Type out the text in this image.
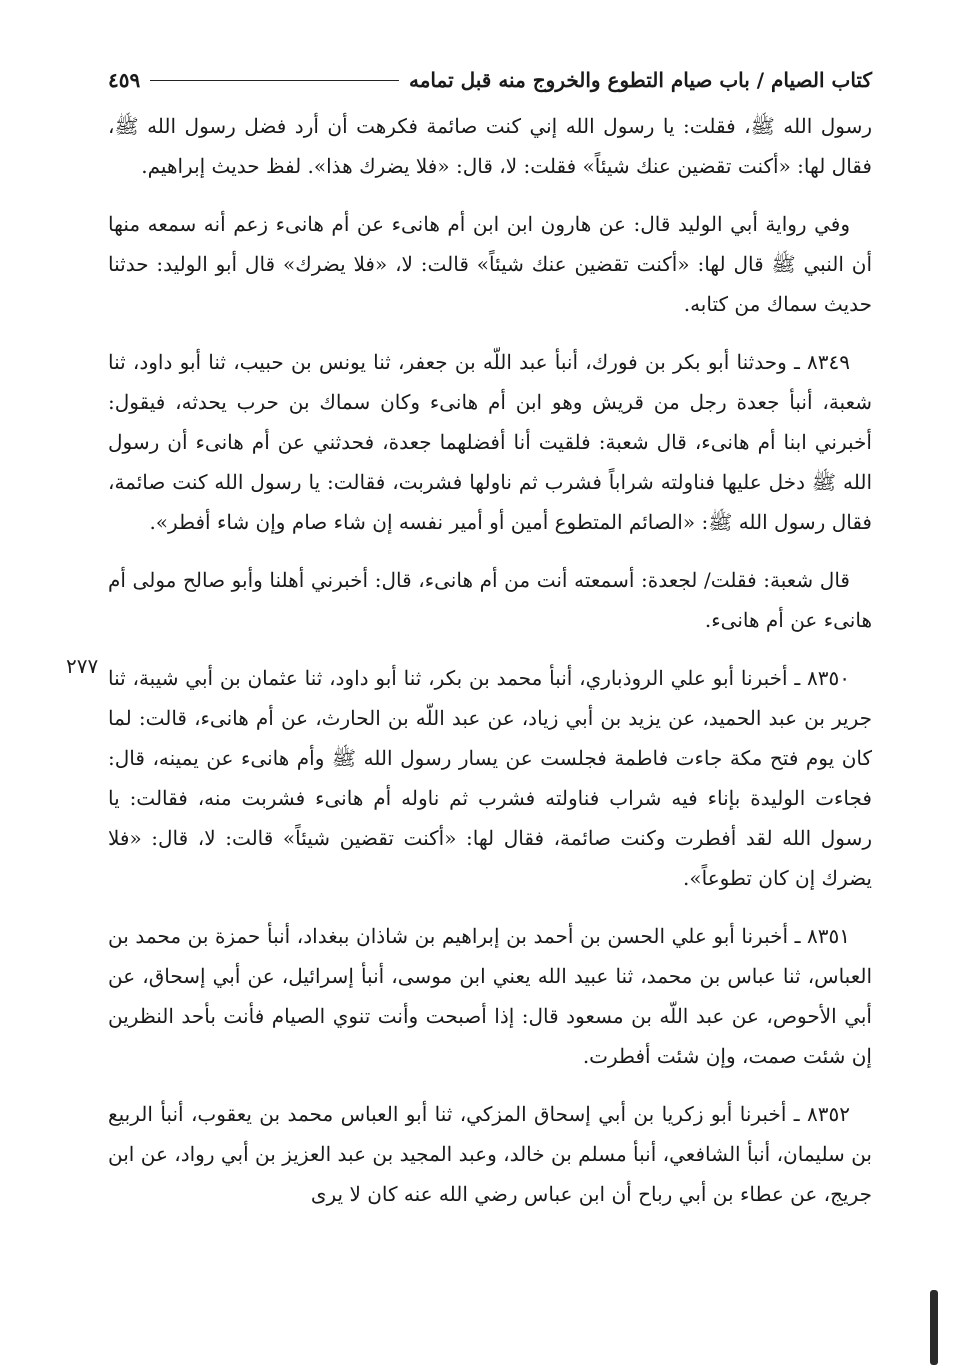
كتاب الصيام / باب صيام التطوع والخروج منه قبل تمامه
٤٥٩

رسول الله ﷺ، فقلت: يا رسول الله إني كنت صائمة فكرهت أن أرد فضل رسول الله ﷺ، فقال لها: «أكنت تقضين عنك شيئاً» فقلت: لا، قال: «فلا يضرك هذا». لفظ حديث إبراهيم.

وفي رواية أبي الوليد قال: عن هارون ابن ابن أم هانىء عن أم هانىء زعم أنه سمعه منها أن النبي ﷺ قال لها: «أكنت تقضين عنك شيئاً» قالت: لا، «فلا يضرك» قال أبو الوليد: حدثنا حديث سماك من كتابه.

٨٣٤٩ ـ وحدثنا أبو بكر بن فورك، أنبأ عبد اللّه بن جعفر، ثنا يونس بن حبيب، ثنا أبو داود، ثنا شعبة، أنبأ جعدة رجل من قريش وهو ابن أم هانىء وكان سماك بن حرب يحدثه، فيقول: أخبرني ابنا أم هانىء، قال شعبة: فلقيت أنا أفضلهما جعدة، فحدثني عن أم هانىء أن رسول الله ﷺ دخل عليها فناولته شراباً فشرب ثم ناولها فشربت، فقالت: يا رسول الله كنت صائمة، فقال رسول الله ﷺ: «الصائم المتطوع أمين أو أمير نفسه إن شاء صام وإن شاء أفطر».

قال شعبة: فقلت/ لجعدة: أسمعته أنت من أم هانىء، قال: أخبرني أهلنا وأبو صالح مولى أم هانىء عن أم هانىء.

٨٣٥٠ ـ أخبرنا أبو علي الروذباري، أنبأ محمد بن بكر، ثنا أبو داود، ثنا عثمان بن أبي شيبة، ثنا جرير بن عبد الحميد، عن يزيد بن أبي زياد، عن عبد اللّه بن الحارث، عن أم هانىء، قالت: لما كان يوم فتح مكة جاءت فاطمة فجلست عن يسار رسول الله ﷺ وأم هانىء عن يمينه، قال: فجاءت الوليدة بإناء فيه شراب فناولته فشرب ثم ناوله أم هانىء فشربت منه، فقالت: يا رسول الله لقد أفطرت وكنت صائمة، فقال لها: «أكنت تقضين شيئاً» قالت: لا، قال: «فلا يضرك إن كان تطوعاً».

٨٣٥١ ـ أخبرنا أبو علي الحسن بن أحمد بن إبراهيم بن شاذان ببغداد، أنبأ حمزة بن محمد بن العباس، ثنا عباس بن محمد، ثنا عبيد الله يعني ابن موسى، أنبأ إسرائيل، عن أبي إسحاق، عن أبي الأحوص، عن عبد اللّه بن مسعود قال: إذا أصبحت وأنت تنوي الصيام فأنت بأحد النظرين إن شئت صمت، وإن شئت أفطرت.

٨٣٥٢ ـ أخبرنا أبو زكريا بن أبي إسحاق المزكي، ثنا أبو العباس محمد بن يعقوب، أنبأ الربيع بن سليمان، أنبأ الشافعي، أنبأ مسلم بن خالد، وعبد المجيد بن عبد العزيز بن أبي رواد، عن ابن جريج، عن عطاء بن أبي رباح أن ابن عباس رضي الله عنه كان لا يرى

٢٧٧
